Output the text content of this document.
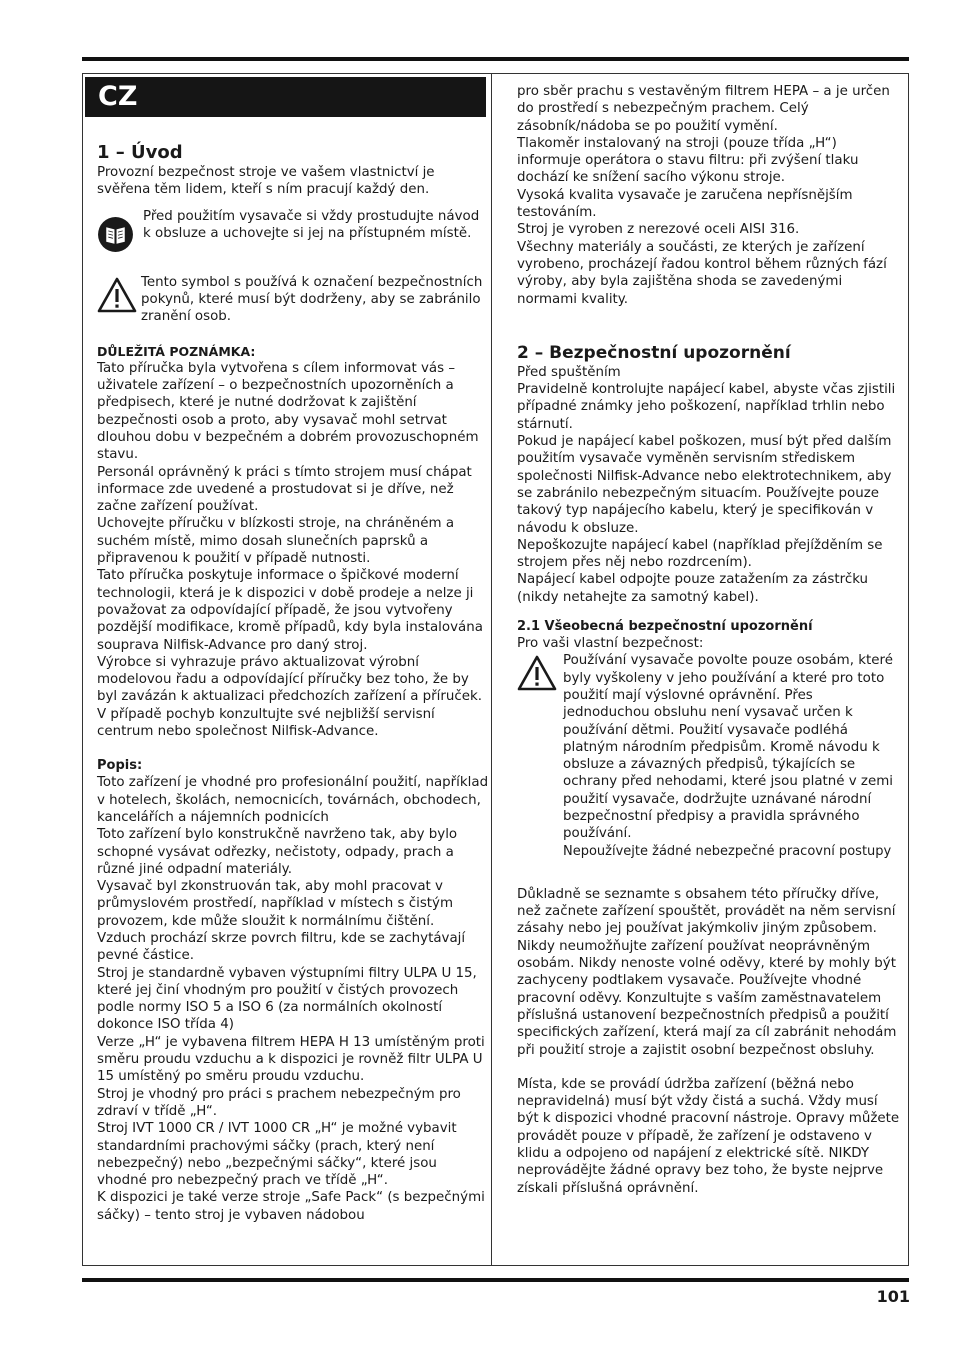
CZ

1 – Úvod

Provozní bezpečnost stroje ve vašem vlastnictví je svěřena těm lidem, kteří s ním pracují každý den.

Před použitím vysavače si vždy prostudujte návod k obsluze a uchovejte si jej na přístupném místě.

Tento symbol s používá k označení bezpečnostních pokynů, které musí být dodrženy, aby se zabránilo zranění osob.

DŮLEŽITÁ POZNÁMKA:

Tato příručka byla vytvořena s cílem informovat vás – uživatele zařízení – o bezpečnostních upozorněních a předpisech, které je nutné dodržovat k zajištění bezpečnosti osob a proto, aby vysavač mohl setrvat dlouhou dobu v bezpečném a dobrém provozuschopném stavu.

Personál oprávněný k práci s tímto strojem musí chápat informace zde uvedené a prostudovat si je dříve, než začne zařízení používat.

Uchovejte příručku v blízkosti stroje, na chráněném a suchém místě, mimo dosah slunečních paprsků a připravenou k použití v případě nutnosti.

Tato příručka poskytuje informace o špičkové moderní technologii, která je k dispozici v době prodeje a nelze ji považovat za odpovídající případě, že jsou vytvořeny pozdější modifikace, kromě případů, kdy byla instalována souprava Nilfisk-Advance pro daný stroj.

Výrobce si vyhrazuje právo aktualizovat výrobní modelovou řadu a odpovídající příručky bez toho, že by byl zavázán k aktualizaci předchozích zařízení a příruček.

V případě pochyb konzultujte své nejbližší servisní centrum nebo společnost Nilfisk-Advance.

Popis:

Toto zařízení je vhodné pro profesionální použití, například v hotelech, školách, nemocnicích, továrnách, obchodech, kancelářích a nájemních podnicích

Toto zařízení bylo konstrukčně navrženo tak, aby bylo schopné vysávat odřezky, nečistoty, odpady, prach a různé jiné odpadní materiály.

Vysavač byl zkonstruován tak, aby mohl pracovat v průmyslovém prostředí, například v místech s čistým provozem, kde může sloužit k normálnímu čištění.

Vzduch prochází skrze povrch filtru, kde se zachytávají pevné částice.

Stroj je standardně vybaven výstupními filtry ULPA U 15, které jej činí vhodným pro použití v čistých provozech podle normy ISO 5 a ISO 6 (za normálních okolností dokonce ISO třída 4)

Verze „H“ je vybavena filtrem HEPA H 13 umístěným proti směru proudu vzduchu a k dispozici je rovněž filtr ULPA U 15 umístěný po směru proudu vzduchu.

Stroj je vhodný pro práci s prachem nebezpečným pro zdraví v třídě „H“.

Stroj IVT 1000 CR / IVT 1000 CR „H“ je možné vybavit standardními prachovými sáčky (prach, který není nebezpečný) nebo „bezpečnými sáčky“, které jsou vhodné pro nebezpečný prach ve třídě „H“.

K dispozici je také verze stroje „Safe Pack“ (s bezpečnými sáčky) – tento stroj je vybaven nádobou

pro sběr prachu s vestavěným filtrem HEPA – a je určen do prostředí s nebezpečným prachem. Celý zásobník/nádoba se po použití vymění.

Tlakoměr instalovaný na stroji (pouze třída „H“) informuje operátora o stavu filtru: při zvýšení tlaku dochází ke snížení sacího výkonu stroje.

Vysoká kvalita vysavače je zaručena nepřísnějším testováním.

Stroj je vyroben z nerezové oceli AISI 316.

Všechny materiály a součásti, ze kterých je zařízení vyrobeno, procházejí řadou kontrol během různých fází výroby, aby byla zajištěna shoda se zavedenými normami kvality.

2 – Bezpečnostní upozornění

Před spuštěním

Pravidelně kontrolujte napájecí kabel, abyste včas zjistili případné známky jeho poškození, například trhlin nebo stárnutí.

Pokud je napájecí kabel poškozen, musí být před dalším použitím vysavače vyměněn servisním střediskem společnosti Nilfisk-Advance nebo elektrotechnikem, aby se zabránilo nebezpečným situacím. Používejte pouze takový typ napájecího kabelu, který je specifikován v návodu k obsluze.

Nepoškozujte napájecí kabel (například přejížděním se strojem přes něj nebo rozdrcením).

Napájecí kabel odpojte pouze zatažením za zástrčku (nikdy netahejte za samotný kabel).

2.1 Všeobecná bezpečnostní upozornění

Pro vaši vlastní bezpečnost:

Používání vysavače povolte pouze osobám, které byly vyškoleny v jeho používání a které pro toto použití mají výslovné oprávnění. Přes jednoduchou obsluhu není vysavač určen k používání dětmi. Použití vysavače podléhá platným národním předpisům. Kromě návodu k obsluze a závazných předpisů, týkajících se ochrany před nehodami, které jsou platné v zemi použití vysavače, dodržujte uznávané národní bezpečnostní předpisy a pravidla správného používání.

Nepoužívejte žádné nebezpečné pracovní postupy

Důkladně se seznamte s obsahem této příručky dříve, než začnete zařízení spouštět, provádět na něm servisní zásahy nebo jej používat jakýmkoliv jiným způsobem.

Nikdy neumožňujte zařízení používat neoprávněným osobám. Nikdy nenoste volné oděvy, které by mohly být zachyceny podtlakem vysavače. Používejte vhodné pracovní oděvy. Konzultujte s vaším zaměstnavatelem příslušná ustanovení bezpečnostních předpisů a použití specifických zařízení, která mají za cíl zabránit nehodám při použití stroje a zajistit osobní bezpečnost obsluhy.

Místa, kde se provádí údržba zařízení (běžná nebo nepravidelná) musí být vždy čistá a suchá. Vždy musí být k dispozici vhodné pracovní nástroje. Opravy můžete provádět pouze v případě, že zařízení je odstaveno v klidu a odpojeno od napájení z elektrické sítě. NIKDY neprovádějte žádné opravy bez toho, že byste nejprve získali příslušná oprávnění.

101
